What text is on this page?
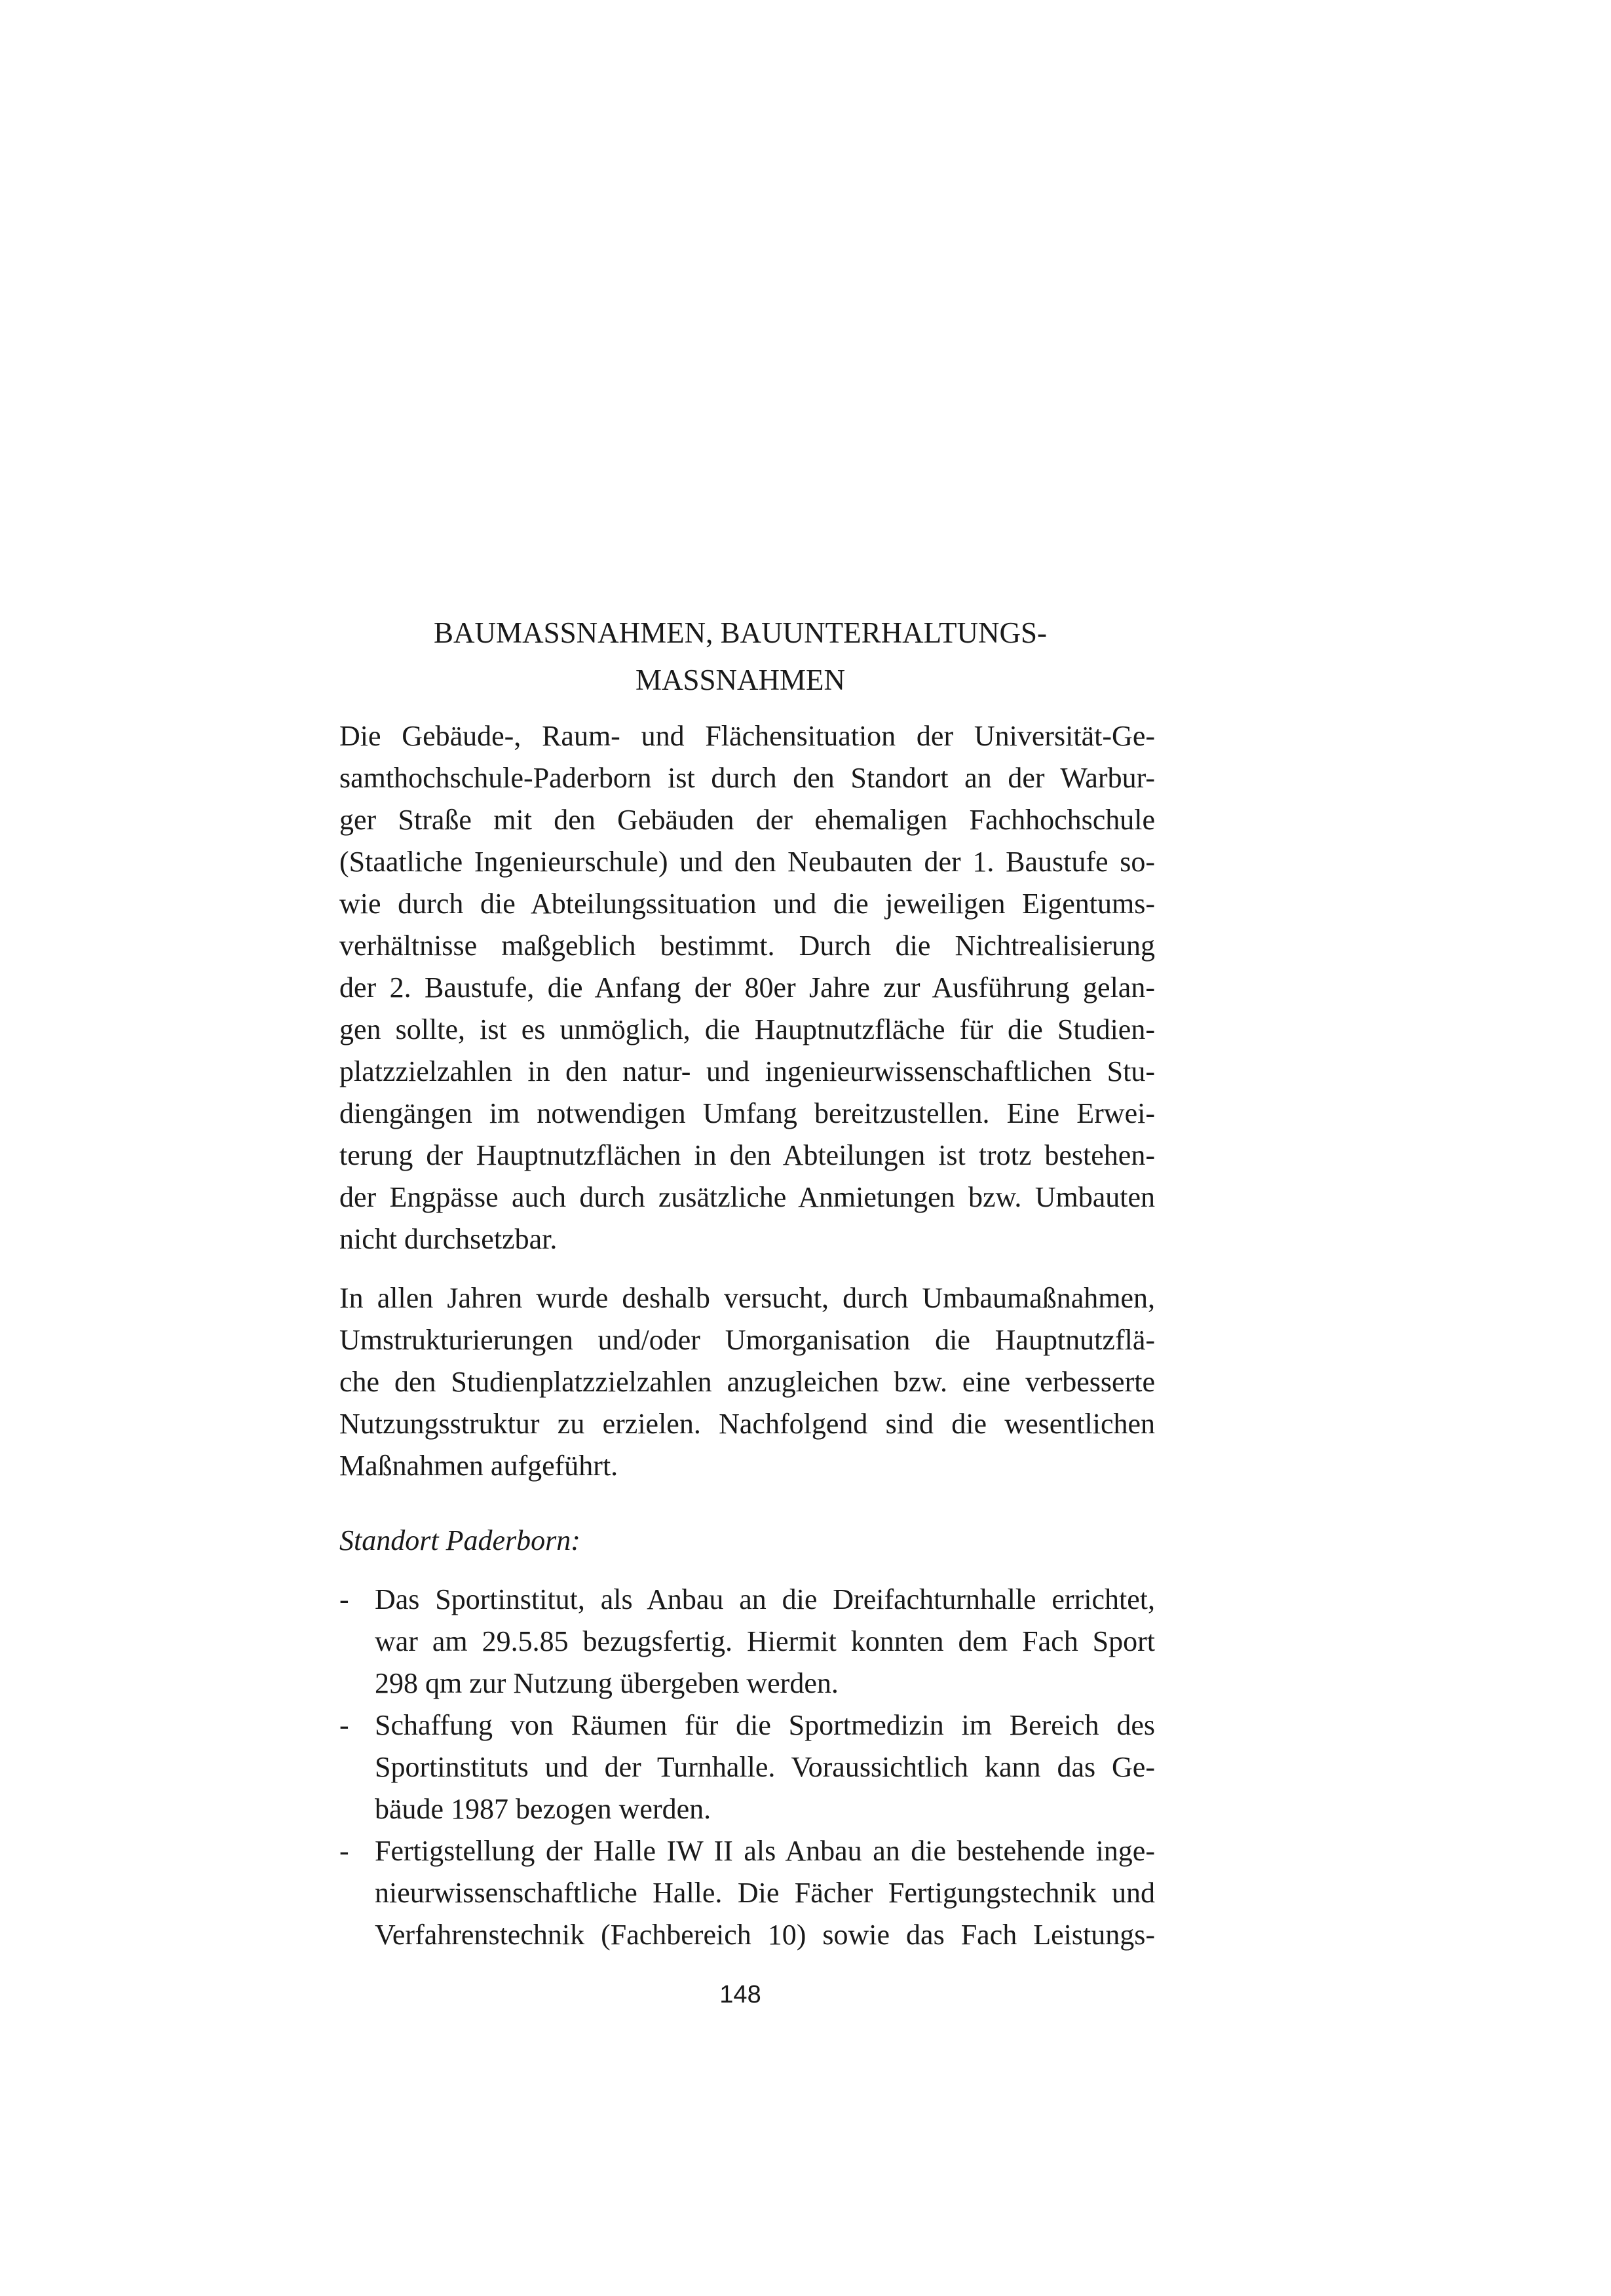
BAUMASSNAHMEN, BAUUNTERHALTUNGS-
MASSNAHMEN

Die Gebäude-, Raum- und Flächensituation der Universität-Ge-
samthochschule-Paderborn ist durch den Standort an der Warbur-
ger Straße mit den Gebäuden der ehemaligen Fachhochschule
(Staatliche Ingenieurschule) und den Neubauten der 1. Baustufe so-
wie durch die Abteilungssituation und die jeweiligen Eigentums-
verhältnisse maßgeblich bestimmt. Durch die Nichtrealisierung
der 2. Baustufe, die Anfang der 80er Jahre zur Ausführung gelan-
gen sollte, ist es unmöglich, die Hauptnutzfläche für die Studien-
platzzielzahlen in den natur- und ingenieurwissenschaftlichen Stu-
diengängen im notwendigen Umfang bereitzustellen. Eine Erwei-
terung der Hauptnutzflächen in den Abteilungen ist trotz bestehen-
der Engpässe auch durch zusätzliche Anmietungen bzw. Umbauten
nicht durchsetzbar.

In allen Jahren wurde deshalb versucht, durch Umbaumaßnahmen,
Umstrukturierungen und/oder Umorganisation die Hauptnutzflä-
che den Studienplatzzielzahlen anzugleichen bzw. eine verbesserte
Nutzungsstruktur zu erzielen. Nachfolgend sind die wesentlichen
Maßnahmen aufgeführt.

Standort Paderborn:
- Das Sportinstitut, als Anbau an die Dreifachturnhalle errichtet,
war am 29.5.85 bezugsfertig. Hiermit konnten dem Fach Sport
298 qm zur Nutzung übergeben werden.
- Schaffung von Räumen für die Sportmedizin im Bereich des
Sportinstituts und der Turnhalle. Voraussichtlich kann das Ge-
bäude 1987 bezogen werden.
- Fertigstellung der Halle IW II als Anbau an die bestehende inge-
nieurwissenschaftliche Halle. Die Fächer Fertigungstechnik und
Verfahrenstechnik (Fachbereich 10) sowie das Fach Leistungs-
148
